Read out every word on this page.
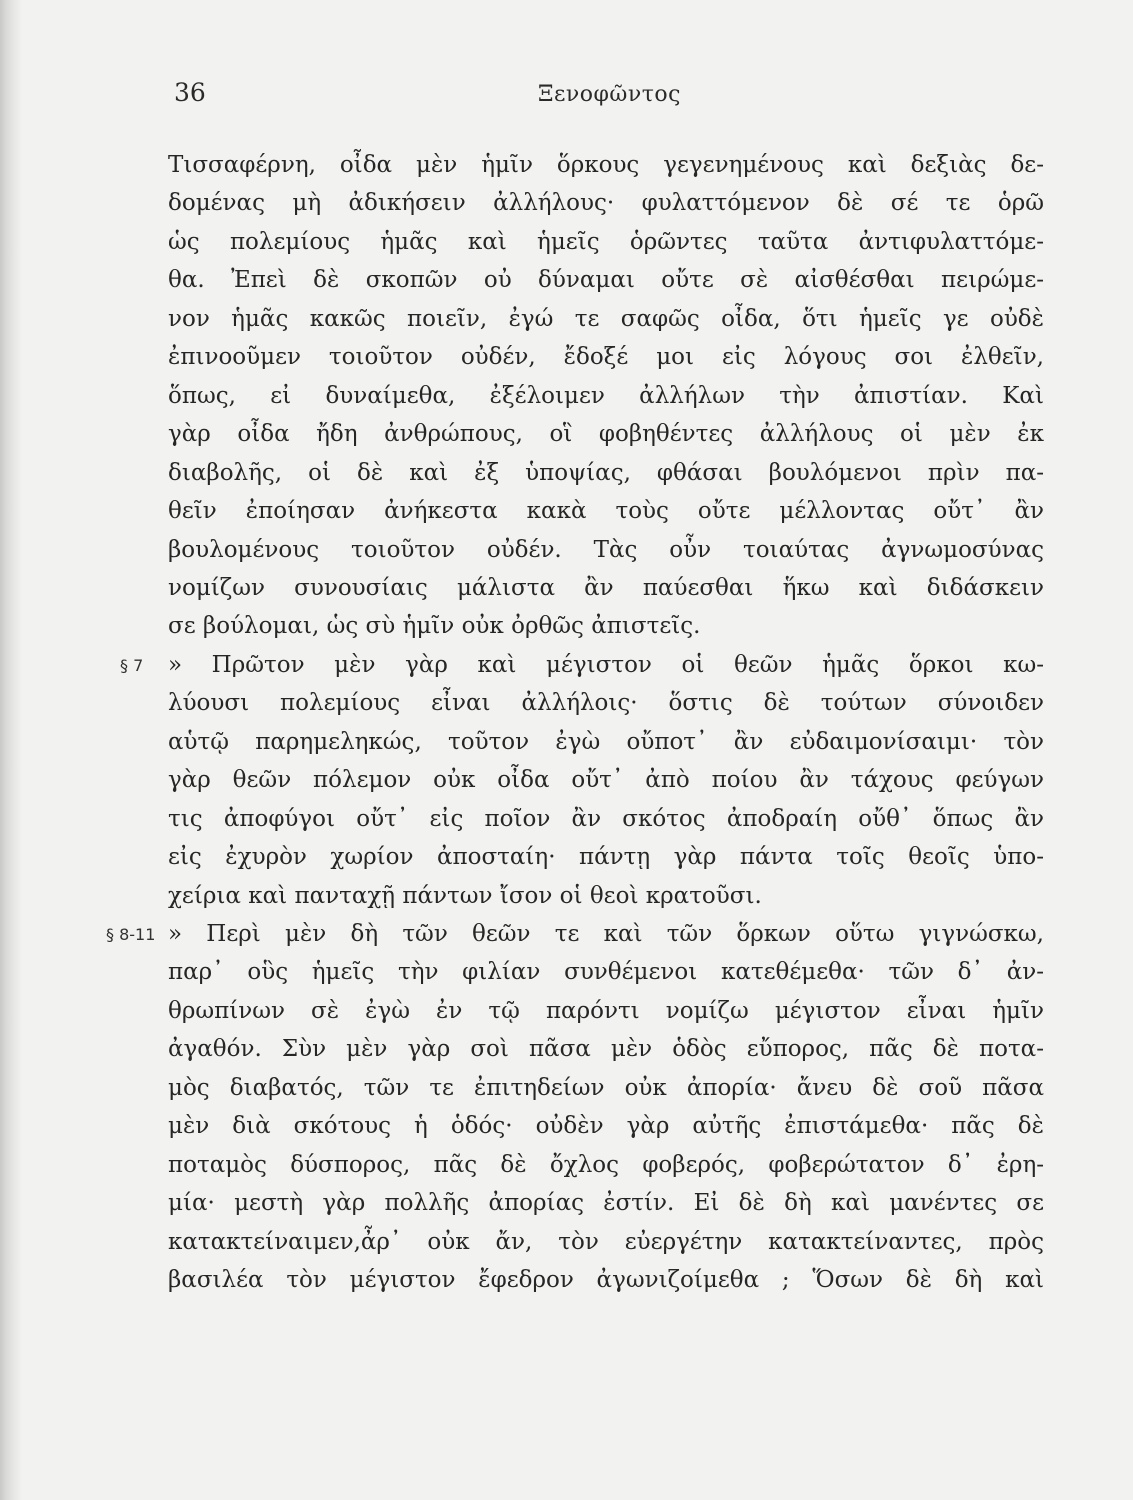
36	Ξενοφῶντος
Τισσαφέρνη, οἶδα μὲν ἡμῖν ὅρκους γεγενημένους καὶ δεξιὰς δε-
δομένας μὴ ἀδικήσειν ἀλλήλους· φυλαττόμενον δὲ σέ τε ὁρῶ
ὡς πολεμίους ἡμᾶς καὶ ἡμεῖς ὁρῶντες ταῦτα ἀντιφυλαττόμε-
θα. Ἐπεὶ δὲ σκοπῶν οὐ δύναμαι οὔτε σὲ αἰσθέσθαι πειρώμε-
νον ἡμᾶς κακῶς ποιεῖν, ἐγώ τε σαφῶς οἶδα, ὅτι ἡμεῖς γε οὐδὲ
ἐπινοοῦμεν τοιοῦτον οὐδέν, ἔδοξέ μοι εἰς λόγους σοι ἐλθεῖν,
ὅπως, εἰ δυναίμεθα, ἐξέλοιμεν ἀλλήλων τὴν ἀπιστίαν. Καὶ
γὰρ οἶδα ἤδη ἀνθρώπους, οἳ φοβηθέντες ἀλλήλους οἱ μὲν ἐκ
διαβολῆς, οἱ δὲ καὶ ἐξ ὑποψίας, φθάσαι βουλόμενοι πρὶν πα-
θεῖν ἐποίησαν ἀνήκεστα κακὰ τοὺς οὔτε μέλλοντας οὔτ᾽ ἂν
βουλομένους τοιοῦτον οὐδέν. Τὰς οὖν τοιαύτας ἀγνωμοσύνας
νομίζων συνουσίαις μάλιστα ἂν παύεσθαι ἥκω καὶ διδάσκειν
σε βούλομαι, ὡς σὺ ἡμῖν οὐκ ὀρθῶς ἀπιστεῖς.
» Πρῶτον μὲν γὰρ καὶ μέγιστον οἱ θεῶν ἡμᾶς ὅρκοι κω-
λύουσι πολεμίους εἶναι ἀλλήλοις· ὅστις δὲ τούτων σύνοιδεν
αὑτῷ παρημεληκώς, τοῦτον ἐγὼ οὔποτ᾽ ἂν εὐδαιμονίσαιμι· τὸν
γὰρ θεῶν πόλεμον οὐκ οἶδα οὔτ᾽ ἀπὸ ποίου ἂν τάχους φεύγων
τις ἀποφύγοι οὔτ᾽ εἰς ποῖον ἂν σκότος ἀποδραίη οὔθ᾽ ὅπως ἂν
εἰς ἐχυρὸν χωρίον ἀποσταίη· πάντῃ γὰρ πάντα τοῖς θεοῖς ὑπο-
χείρια καὶ πανταχῇ πάντων ἴσον οἱ θεοὶ κρατοῦσι.
» Περὶ μὲν δὴ τῶν θεῶν τε καὶ τῶν ὅρκων οὕτω γιγνώσκω,
παρ᾽ οὓς ἡμεῖς τὴν φιλίαν συνθέμενοι κατεθέμεθα· τῶν δ᾽ ἀν-
θρωπίνων σὲ ἐγὼ ἐν τῷ παρόντι νομίζω μέγιστον εἶναι ἡμῖν
ἀγαθόν. Σὺν μὲν γὰρ σοὶ πᾶσα μὲν ὁδὸς εὔπορος, πᾶς δὲ ποτα-
μὸς διαβατός, τῶν τε ἐπιτηδείων οὐκ ἀπορία· ἄνευ δὲ σοῦ πᾶσα
μὲν διὰ σκότους ἡ ὁδός· οὐδὲν γὰρ αὐτῆς ἐπιστάμεθα· πᾶς δὲ
ποταμὸς δύσπορος, πᾶς δὲ ὄχλος φοβερός, φοβερώτατον δ᾽ ἐρη-
μία· μεστὴ γὰρ πολλῆς ἀπορίας ἐστίν. Εἰ δὲ δὴ καὶ μανέντες σε
κατακτείναιμεν,ἆρ᾽ οὐκ ἄν, τὸν εὐεργέτην κατακτείναντες, πρὸς
βασιλέα τὸν μέγιστον ἔφεδρον ἀγωνιζοίμεθα ; Ὅσων δὲ δὴ καὶ
§ 7
§ 8-11
